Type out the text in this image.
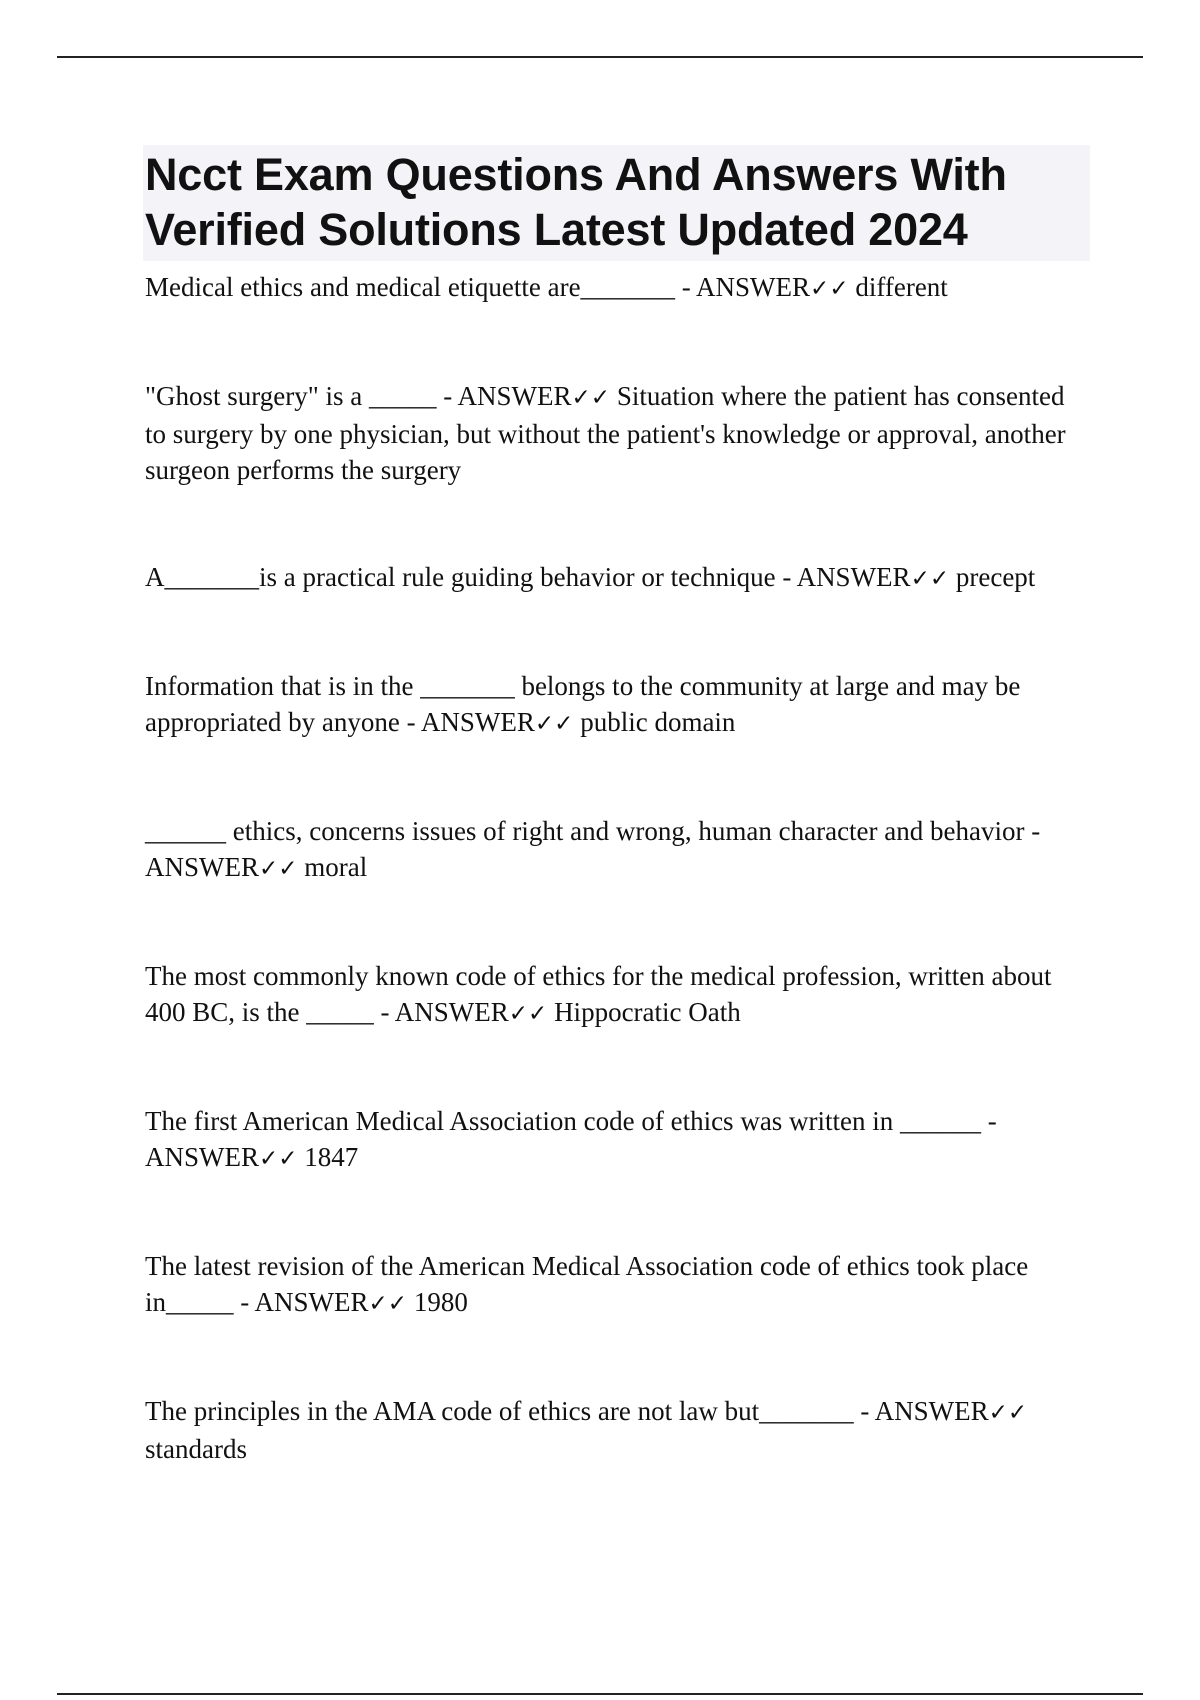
Ncct Exam Questions And Answers With Verified Solutions Latest Updated 2024

Medical ethics and medical etiquette are_______ - ANSWER✓✓ different

"Ghost surgery" is a _____ - ANSWER✓✓ Situation where the patient has consented to surgery by one physician, but without the patient's knowledge or approval, another surgeon performs the surgery

A_______is a practical rule guiding behavior or technique - ANSWER✓✓ precept

Information that is in the _______ belongs to the community at large and may be appropriated by anyone - ANSWER✓✓ public domain

______ ethics, concerns issues of right and wrong, human character and behavior - ANSWER✓✓ moral

The most commonly known code of ethics for the medical profession, written about 400 BC, is the _____ - ANSWER✓✓ Hippocratic Oath

The first American Medical Association code of ethics was written in ______ - ANSWER✓✓ 1847

The latest revision of the American Medical Association code of ethics took place in_____ - ANSWER✓✓ 1980

The principles in the AMA code of ethics are not law but_______ - ANSWER✓✓ standards
